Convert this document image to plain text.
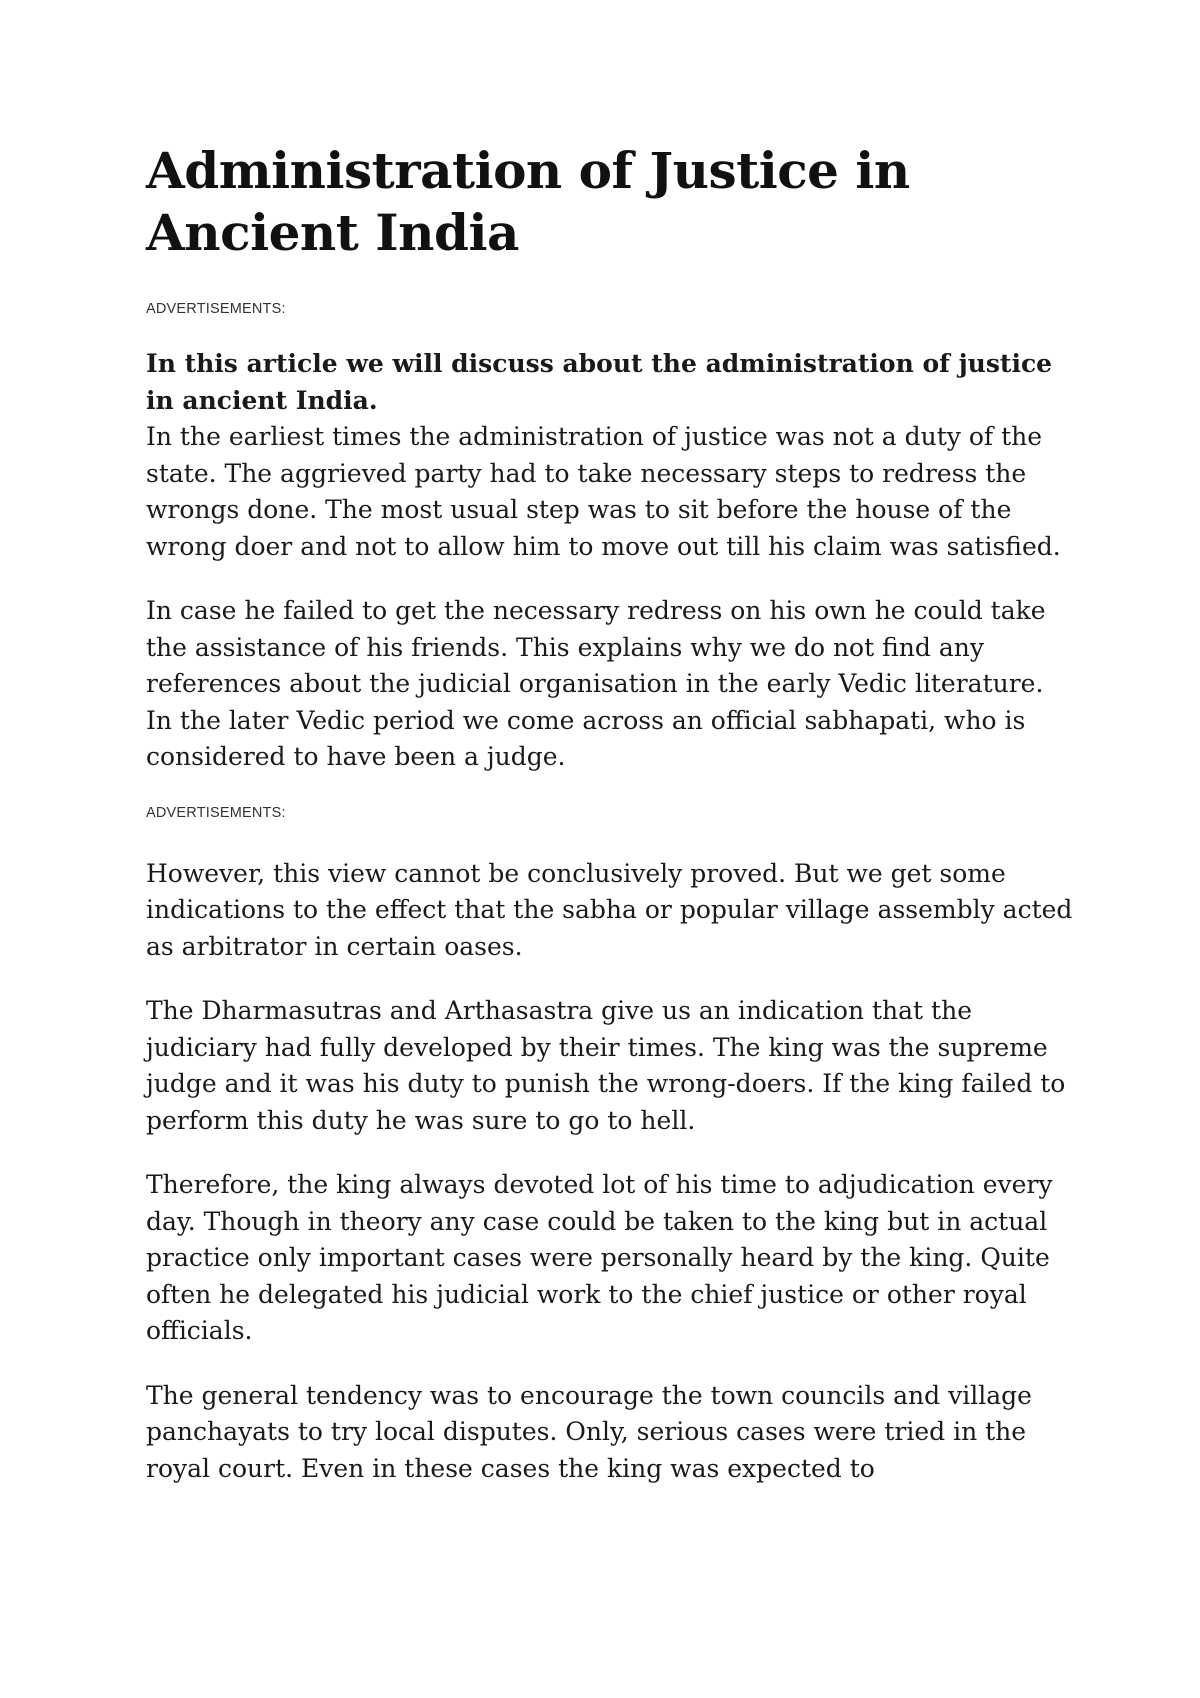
Administration of Justice in Ancient India
ADVERTISEMENTS:

In this article we will discuss about the administration of justice in ancient India.

In the earliest times the administration of justice was not a duty of the state. The aggrieved party had to take necessary steps to redress the wrongs done. The most usual step was to sit before the house of the wrong doer and not to allow him to move out till his claim was satisfied.

In case he failed to get the necessary redress on his own he could take the assistance of his friends. This explains why we do not find any references about the judicial organisation in the early Vedic literature. In the later Vedic period we come across an official sabhapati, who is considered to have been a judge.

ADVERTISEMENTS:

However, this view cannot be conclusively proved. But we get some indications to the effect that the sabha or popular village assembly acted as arbitrator in certain oases.

The Dharmasutras and Arthasastra give us an indication that the judiciary had fully developed by their times. The king was the supreme judge and it was his duty to punish the wrong-doers. If the king failed to perform this duty he was sure to go to hell.

Therefore, the king always devoted lot of his time to adjudication every day. Though in theory any case could be taken to the king but in actual practice only important cases were personally heard by the king. Quite often he delegated his judicial work to the chief justice or other royal officials.

The general tendency was to encourage the town councils and village panchayats to try local disputes. Only, serious cases were tried in the royal court. Even in these cases the king was expected to
